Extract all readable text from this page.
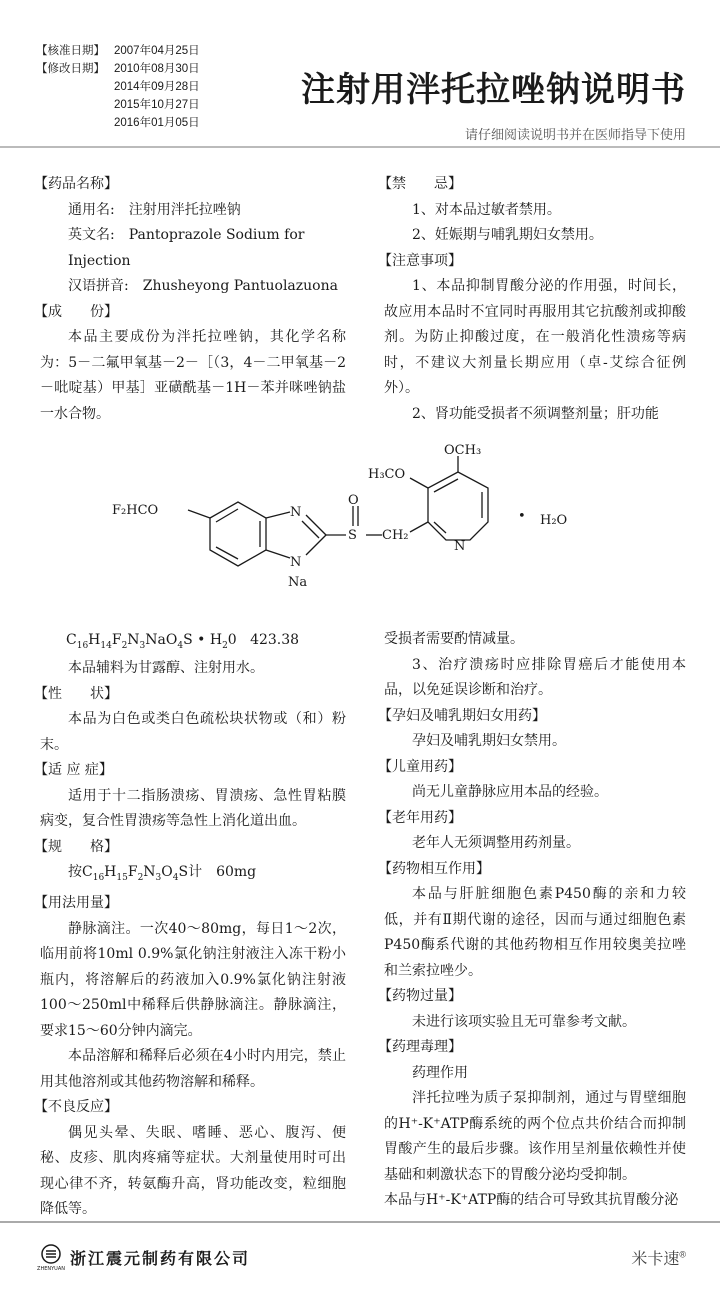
【核准日期】 2007年04月25日
【修改日期】 2010年08月30日
2014年09月28日
2015年10月27日
2016年01月05日
注射用泮托拉唑钠说明书
请仔细阅读说明书并在医师指导下使用
【药品名称】
通用名:　注射用泮托拉唑钠
英文名:　Pantoprazole Sodium for Injection
汉语拼音:　Zhusheyong Pantuolazuona
【成　　份】
本品主要成份为泮托拉唑钠，其化学名称为：5－二氟甲氧基－2－［（3，4－二甲氧基－2－吡啶基）甲基］亚磺酰基－1H－苯并咪唑钠盐一水合物。
【禁　　忌】
1、对本品过敏者禁用。
2、妊娠期与哺乳期妇女禁用。
【注意事项】
1、本品抑制胃酸分泌的作用强，时间长，故应用本品时不宜同时再服用其它抗酸剂或抑酸剂。为防止抑酸过度，在一般消化性溃疡等病时，不建议大剂量长期应用（卓-艾综合征例外）。
2、肾功能受损者不须调整剂量；肝功能
F₂HCO	N
N
Na
S
O
CH₂
H₃CO
OCH₃
N
• H₂O
$C_{16}H_{14}F_2N_3NaO_4S$ • $H_20$   423.38
本品辅料为甘露醇、注射用水。
【性　　状】
本品为白色或类白色疏松块状物或（和）粉末。
【适 应 症】
适用于十二指肠溃疡、胃溃疡、急性胃粘膜病变，复合性胃溃疡等急性上消化道出血。
【规　　格】
按$C_{16}H_{15}F_2N_3O_4S$计　60mg
【用法用量】
静脉滴注。一次40～80mg，每日1～2次，临用前将10ml 0.9%氯化钠注射液注入冻干粉小瓶内，将溶解后的药液加入0.9%氯化钠注射液100～250ml中稀释后供静脉滴注。静脉滴注，要求15～60分钟内滴完。
本品溶解和稀释后必须在4小时内用完，禁止用其他溶剂或其他药物溶解和稀释。
【不良反应】
偶见头晕、失眠、嗜睡、恶心、腹泻、便秘、皮疹、肌肉疼痛等症状。大剂量使用时可出现心律不齐，转氨酶升高，肾功能改变，粒细胞降低等。
受损者需要酌情减量。
3、治疗溃疡时应排除胃癌后才能使用本品，以免延误诊断和治疗。
【孕妇及哺乳期妇女用药】
孕妇及哺乳期妇女禁用。
【儿童用药】
尚无儿童静脉应用本品的经验。
【老年用药】
老年人无须调整用药剂量。
【药物相互作用】
本品与肝脏细胞色素P450酶的亲和力较低，并有Ⅱ期代谢的途径，因而与通过细胞色素P450酶系代谢的其他药物相互作用较奥美拉唑和兰索拉唑少。
【药物过量】
未进行该项实验且无可靠参考文献。
【药理毒理】
药理作用
泮托拉唑为质子泵抑制剂，通过与胃壁细胞的H⁺-K⁺ATP酶系统的两个位点共价结合而抑制胃酸产生的最后步骤。该作用呈剂量依赖性并使基础和刺激状态下的胃酸分泌均受抑制。
本品与H⁺-K⁺ATP酶的结合可导致其抗胃酸分泌
ZHENYUAN
浙江震元制药有限公司	米卡速®
